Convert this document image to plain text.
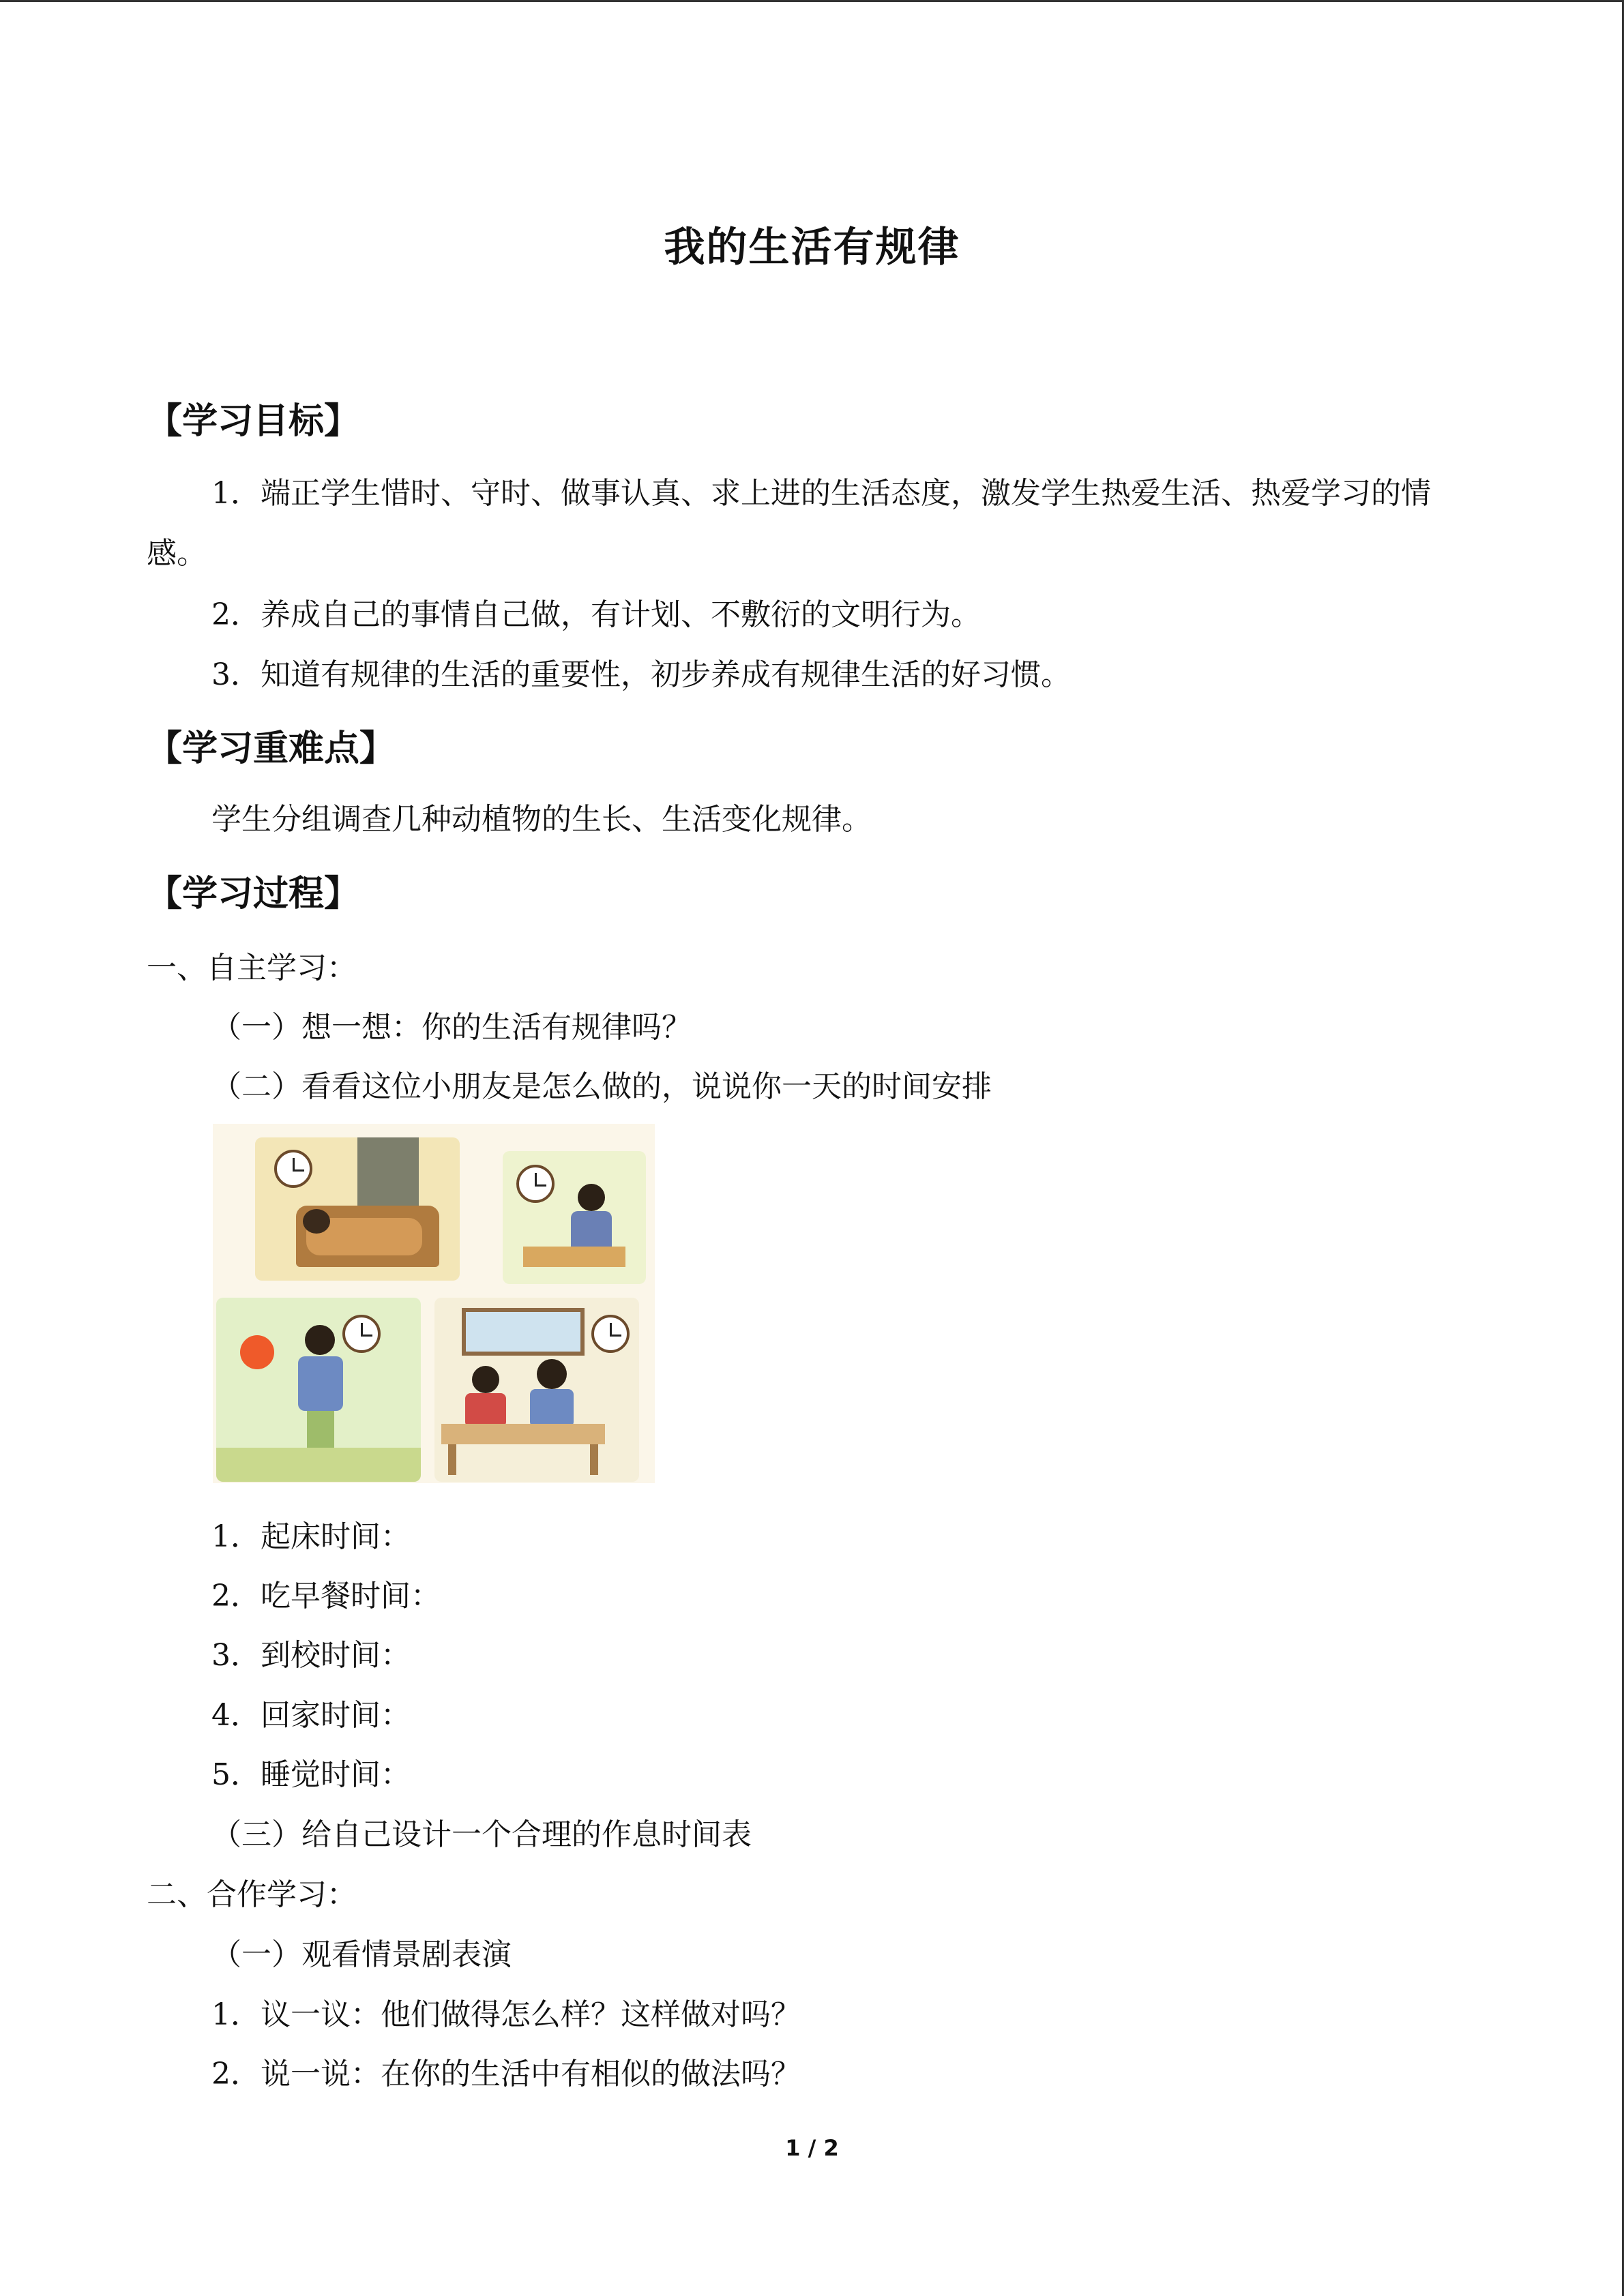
我的生活有规律
【学习目标】
1．端正学生惜时、守时、做事认真、求上进的生活态度，激发学生热爱生活、热爱学习的情感。
2．养成自己的事情自己做，有计划、不敷衍的文明行为。
3．知道有规律的生活的重要性，初步养成有规律生活的好习惯。
【学习重难点】
学生分组调查几种动植物的生长、生活变化规律。
【学习过程】
一、自主学习：
（一）想一想：你的生活有规律吗？
（二）看看这位小朋友是怎么做的，说说你一天的时间安排
1．起床时间：
2．吃早餐时间：
3．到校时间：
4．回家时间：
5．睡觉时间：
（三）给自己设计一个合理的作息时间表
二、合作学习：
（一）观看情景剧表演
1．议一议：他们做得怎么样？这样做对吗？
2．说一说：在你的生活中有相似的做法吗？
1 / 2
